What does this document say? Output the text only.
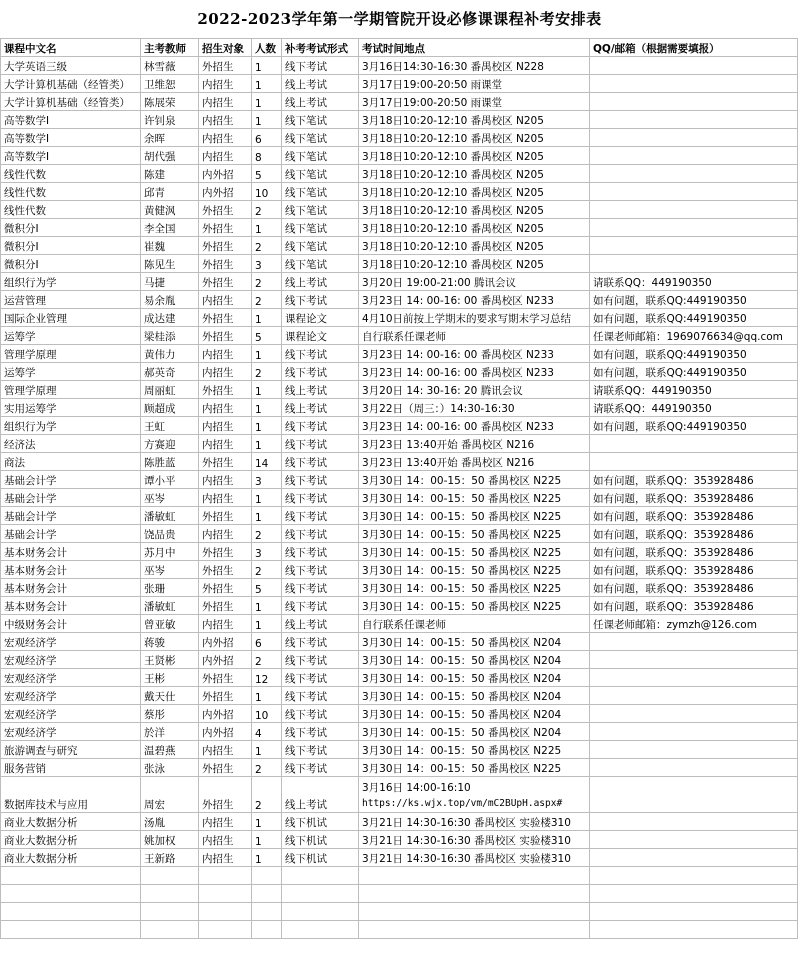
2022-2023学年第一学期管院开设必修课课程补考安排表
课程中文名	主考教师	招生对象	人数	补考考试形式	考试时间地点	QQ/邮箱（根据需要填报）
大学英语三级	林雪薇	外招生	1	线下考试	3月16日14:30-16:30 番禺校区 N228	
大学计算机基础（经管类）	卫维恕	内招生	1	线上考试	3月17日19:00-20:50 雨课堂	
大学计算机基础（经管类）	陈展荣	内招生	1	线上考试	3月17日19:00-20:50 雨课堂	
高等数学Ⅰ	许钊泉	内招生	1	线下笔试	3月18日10:20-12:10 番禺校区 N205	
高等数学Ⅰ	余晖	内招生	6	线下笔试	3月18日10:20-12:10 番禺校区 N205	
高等数学Ⅰ	胡代强	内招生	8	线下笔试	3月18日10:20-12:10 番禺校区 N205	
线性代数	陈建	内外招	5	线下笔试	3月18日10:20-12:10 番禺校区 N205	
线性代数	邱青	内外招	10	线下笔试	3月18日10:20-12:10 番禺校区 N205	
线性代数	黄健沨	外招生	2	线下笔试	3月18日10:20-12:10 番禺校区 N205	
微积分Ⅰ	李全国	外招生	1	线下笔试	3月18日10:20-12:10 番禺校区 N205	
微积分Ⅰ	崔魏	外招生	2	线下笔试	3月18日10:20-12:10 番禺校区 N205	
微积分Ⅰ	陈见生	外招生	3	线下笔试	3月18日10:20-12:10 番禺校区 N205	
组织行为学	马捷	外招生	2	线上考试	3月20日 19:00-21:00 腾讯会议	请联系QQ：449190350
运营管理	易余胤	内招生	2	线下考试	3月23日 14: 00-16: 00 番禺校区 N233	如有问题，联系QQ:449190350
国际企业管理	成达建	外招生	1	课程论文	4月10日前按上学期末的要求写期末学习总结	如有问题，联系QQ:449190350
运筹学	梁桂添	外招生	5	课程论文	自行联系任课老师	任课老师邮箱：1969076634@qq.com
管理学原理	黄伟力	内招生	1	线下考试	3月23日 14: 00-16: 00 番禺校区 N233	如有问题，联系QQ:449190350
运筹学	郝英奇	内招生	2	线下考试	3月23日 14: 00-16: 00 番禺校区 N233	如有问题，联系QQ:449190350
管理学原理	周丽虹	外招生	1	线上考试	3月20日 14: 30-16: 20 腾讯会议	请联系QQ：449190350
实用运筹学	顾超成	内招生	1	线上考试	3月22日（周三：）14:30-16:30	请联系QQ：449190350
组织行为学	王虹	内招生	1	线下考试	3月23日 14: 00-16: 00 番禺校区 N233	如有问题，联系QQ:449190350
经济法	方赛迎	内招生	1	线下考试	3月23日 13:40开始 番禺校区 N216	
商法	陈胜蓝	外招生	14	线下考试	3月23日 13:40开始 番禺校区 N216	
基础会计学	谭小平	内招生	3	线下考试	3月30日 14：00-15：50 番禺校区 N225	如有问题，联系QQ：353928486
基础会计学	巫岑	内招生	1	线下考试	3月30日 14：00-15：50 番禺校区 N225	如有问题，联系QQ：353928486
基础会计学	潘敏虹	外招生	1	线下考试	3月30日 14：00-15：50 番禺校区 N225	如有问题，联系QQ：353928486
基础会计学	饶品贵	内招生	2	线下考试	3月30日 14：00-15：50 番禺校区 N225	如有问题，联系QQ：353928486
基本财务会计	苏月中	外招生	3	线下考试	3月30日 14：00-15：50 番禺校区 N225	如有问题，联系QQ：353928486
基本财务会计	巫岑	外招生	2	线下考试	3月30日 14：00-15：50 番禺校区 N225	如有问题，联系QQ：353928486
基本财务会计	张珊	外招生	5	线下考试	3月30日 14：00-15：50 番禺校区 N225	如有问题，联系QQ：353928486
基本财务会计	潘敏虹	外招生	1	线下考试	3月30日 14：00-15：50 番禺校区 N225	如有问题，联系QQ：353928486
中级财务会计	曾亚敏	内招生	1	线上考试	自行联系任课老师	任课老师邮箱：zymzh@126.com
宏观经济学	蒋骏	内外招	6	线下考试	3月30日 14：00-15：50 番禺校区 N204	
宏观经济学	王贤彬	内外招	2	线下考试	3月30日 14：00-15：50 番禺校区 N204	
宏观经济学	王彬	外招生	12	线下考试	3月30日 14：00-15：50 番禺校区 N204	
宏观经济学	戴天仕	外招生	1	线下考试	3月30日 14：00-15：50 番禺校区 N204	
宏观经济学	蔡彤	内外招	10	线下考试	3月30日 14：00-15：50 番禺校区 N204	
宏观经济学	於洋	内外招	4	线下考试	3月30日 14：00-15：50 番禺校区 N204	
旅游调查与研究	温碧燕	内招生	1	线下考试	3月30日 14：00-15：50 番禺校区 N225	
服务营销	张泳	外招生	2	线下考试	3月30日 14：00-15：50 番禺校区 N225	
数据库技术与应用	周宏	外招生	2	线上考试	3月16日 14:00-16:10
https://ks.wjx.top/vm/mC2BUpH.aspx#	

商业大数据分析	汤胤	内招生	1	线下机试	3月21日 14:30-16:30 番禺校区 实验楼310	
商业大数据分析	姚加权	内招生	1	线下机试	3月21日 14:30-16:30 番禺校区 实验楼310	
商业大数据分析	王新路	内招生	1	线下机试	3月21日 14:30-16:30 番禺校区 实验楼310	
